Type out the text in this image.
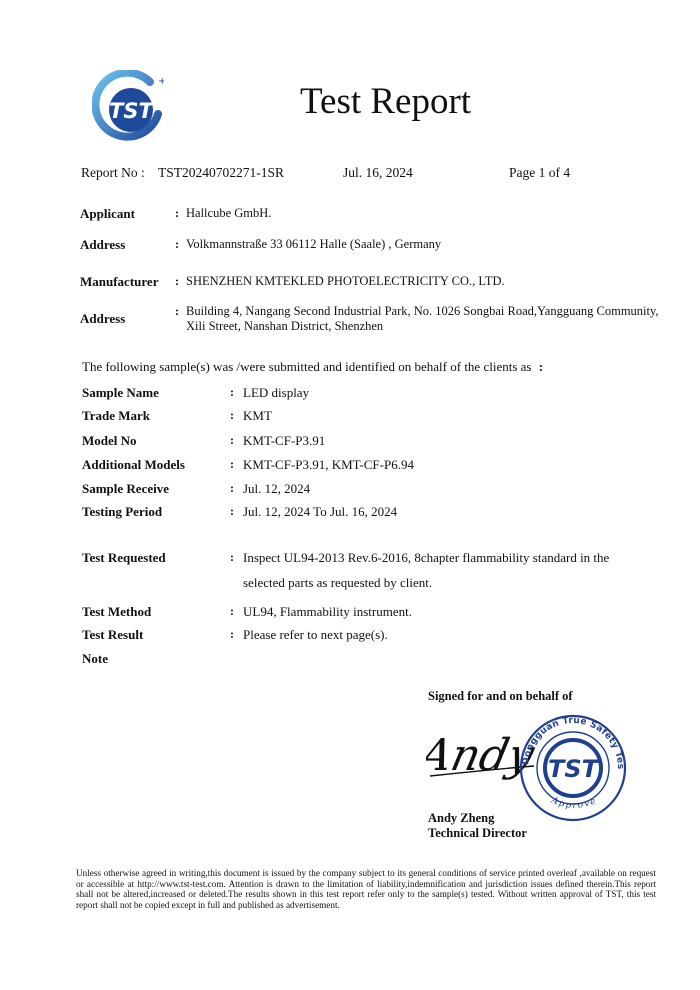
TST
+	Test Report
Report No : TST20240702271-1SR	Jul. 16, 2024	Page 1 of 4
Applicant	: Hallcube GmbH.
Address	: Volkmannstraße 33 06112 Halle (Saale) , Germany
Manufacturer : SHENZHEN KMTEKLED PHOTOELECTRICITY CO., LTD.
Address	: Building 4, Nangang Second Industrial Park, No. 1026 Songbai Road,Yangguang Community,
Xili Street, Nanshan District, Shenzhen
The following sample(s) was /were submitted and identified on behalf of the clients as :
Sample Name	: LED display
Trade Mark	: KMT
Model No	: KMT-CF-P3.91
Additional Models	: KMT-CF-P3.91, KMT-CF-P6.94
Sample Receive	: Jul. 12, 2024
Testing Period	: Jul. 12, 2024 To Jul. 16, 2024
Test Requested	: Inspect UL94-2013 Rev.6-2016, 8chapter flammability standard in the
selected parts as requested by client.
Test Method	: UL94, Flammability instrument.
Test Result	: Please refer to next page(s).
Note
Signed for and on behalf of
Andy
Dongguan True Safety Tes
Approve
TST
Andy Zheng
Technical Director
Unless otherwise agreed in writing,this document is issued by the company subject to its general conditions of service printed overleaf ,available on request or accessible at http://www.tst-test.com. Attention is drawn to the limitation of liability,indemnification and jurisdiction issues defined therein.This report shall not be altered,increased or deleted.The results shown in this test report refer only to the sample(s) tested. Without written approval of TST, this test report shall not be copied except in full and published as advertisement.
